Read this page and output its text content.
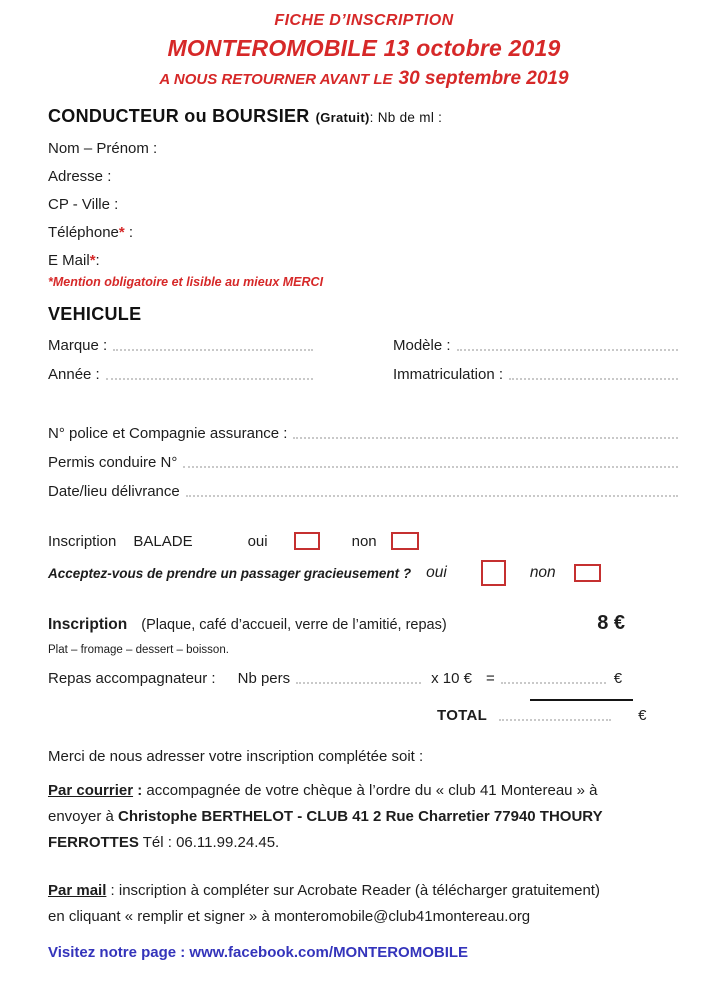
FICHE D’INSCRIPTION
MONTEROMOBILE 13 octobre 2019
A NOUS RETOURNER AVANT LE 30 septembre 2019
CONDUCTEUR ou BOURSIER (Gratuit): Nb de ml :
Nom – Prénom :
Adresse :
CP - Ville :
Téléphone* :
E Mail*:
*Mention obligatoire et lisible au mieux MERCI
VEHICULE
Marque :	Modèle :
Année :	Immatriculation :
N° police et Compagnie assurance :
Permis conduire N°
Date/lieu délivrance
Inscription BALADE	oui	non
Acceptez-vous de prendre un passager gracieusement ? oui	non
Inscription (Plaque, café d’accueil, verre de l’amitié, repas)	8 €
Plat – fromage – dessert – boisson.
Repas accompagnateur : Nb pers	x 10 € =	€
TOTAL	€
Merci de nous adresser votre inscription complétée soit :
Par courrier : accompagnée de votre chèque à l’ordre du « club 41 Montereau » à
envoyer à Christophe BERTHELOT - CLUB 41 2 Rue Charretier 77940 THOURY
FERROTTES Tél : 06.11.99.24.45.
Par mail : inscription à compléter sur Acrobate Reader (à télécharger gratuitement)
en cliquant « remplir et signer » à monteromobile@club41montereau.org
Visitez notre page : www.facebook.com/MONTEROMOBILE
